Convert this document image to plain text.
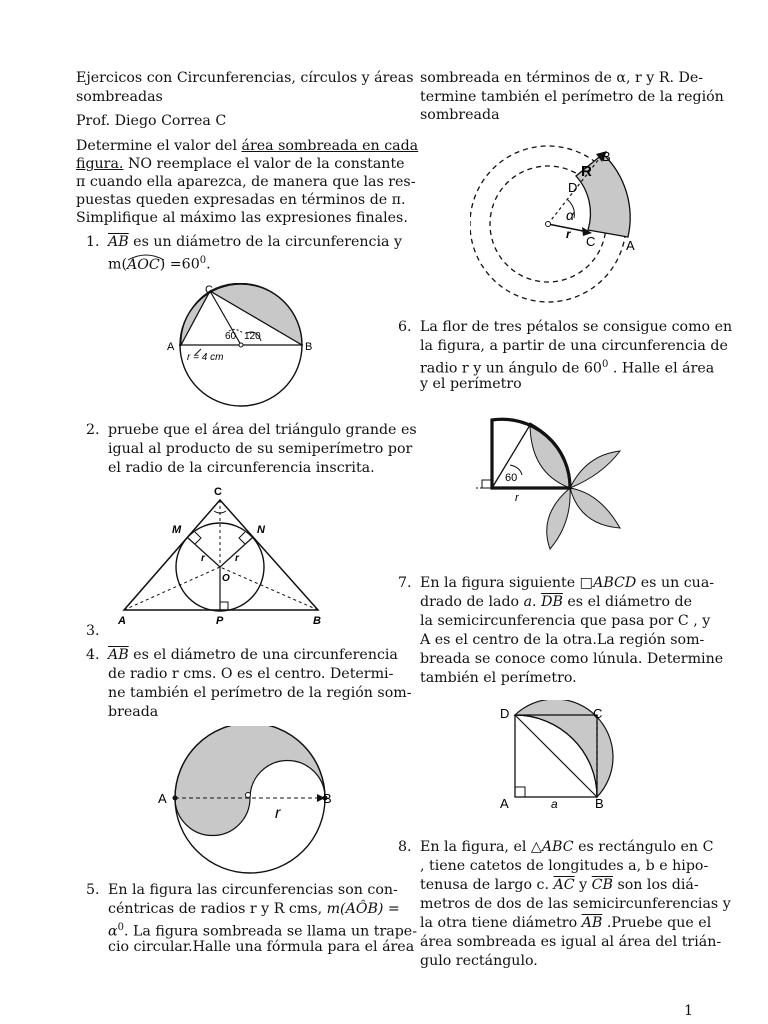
Ejercicos con Circunferencias, círculos y áreas

sombreadas

Prof. Diego Correa C

Determine el valor del área sombreada en cada

figura. NO reemplace el valor de la constante

π cuando ella aparezca, de manera que las res-

puestas queden expresadas en términos de π.

Simplifique al máximo las expresiones finales.

1. $\overline{AB}$ es un diámetro de la circunferencia y
m(AOC
) $=60^0$.
C
A	B
60 120
r = 4 cm
2. pruebe que el área del triángulo grande es
igual al producto de su semiperímetro por
el radio de la circunferencia inscrita.
C
M	N
r	r
O
A	P	B
3.
4. $\overline{AB}$ es el diámetro de una circunferencia
de radio r cms. O es el centro. Determi-
ne también el perímetro de la región som-
breada
A	B
r
5. En la figura las circunferencias son con-
céntricas de radios r y R cms, m(AÔB) =
$\alpha^0$. La figura sombreada se llama un trape-
cio circular.Halle una fórmula para el área

sombreada en términos de α, r y R. De-

termine también el perímetro de la región

sombreada

B
R
D
α
r C A
6. La flor de tres pétalos se consigue como en
la figura, a partir de una circunferencia de
radio r y un ángulo de $60^0$ . Halle el área
y el perímetro
60
r
7. En la figura siguiente □ABCD es un cua-
drado de lado a. $\overline{DB}$ es el diámetro de
la semicircunferencia que pasa por C , y
A es el centro de la otra.La región som-
breada se conoce como lúnula. Determine
también el perímetro.
D	C
A	a	B
8. En la figura, el △ABC es rectángulo en C
, tiene catetos de longitudes a, b e hipo-
tenusa de largo c. $\overline{AC}$ y $\overline{CB}$ son los diá-
metros de dos de las semicircunferencias y
la otra tiene diámetro $\overline{AB}$ .Pruebe que el
área sombreada es igual al área del trián-
gulo rectángulo.

1
